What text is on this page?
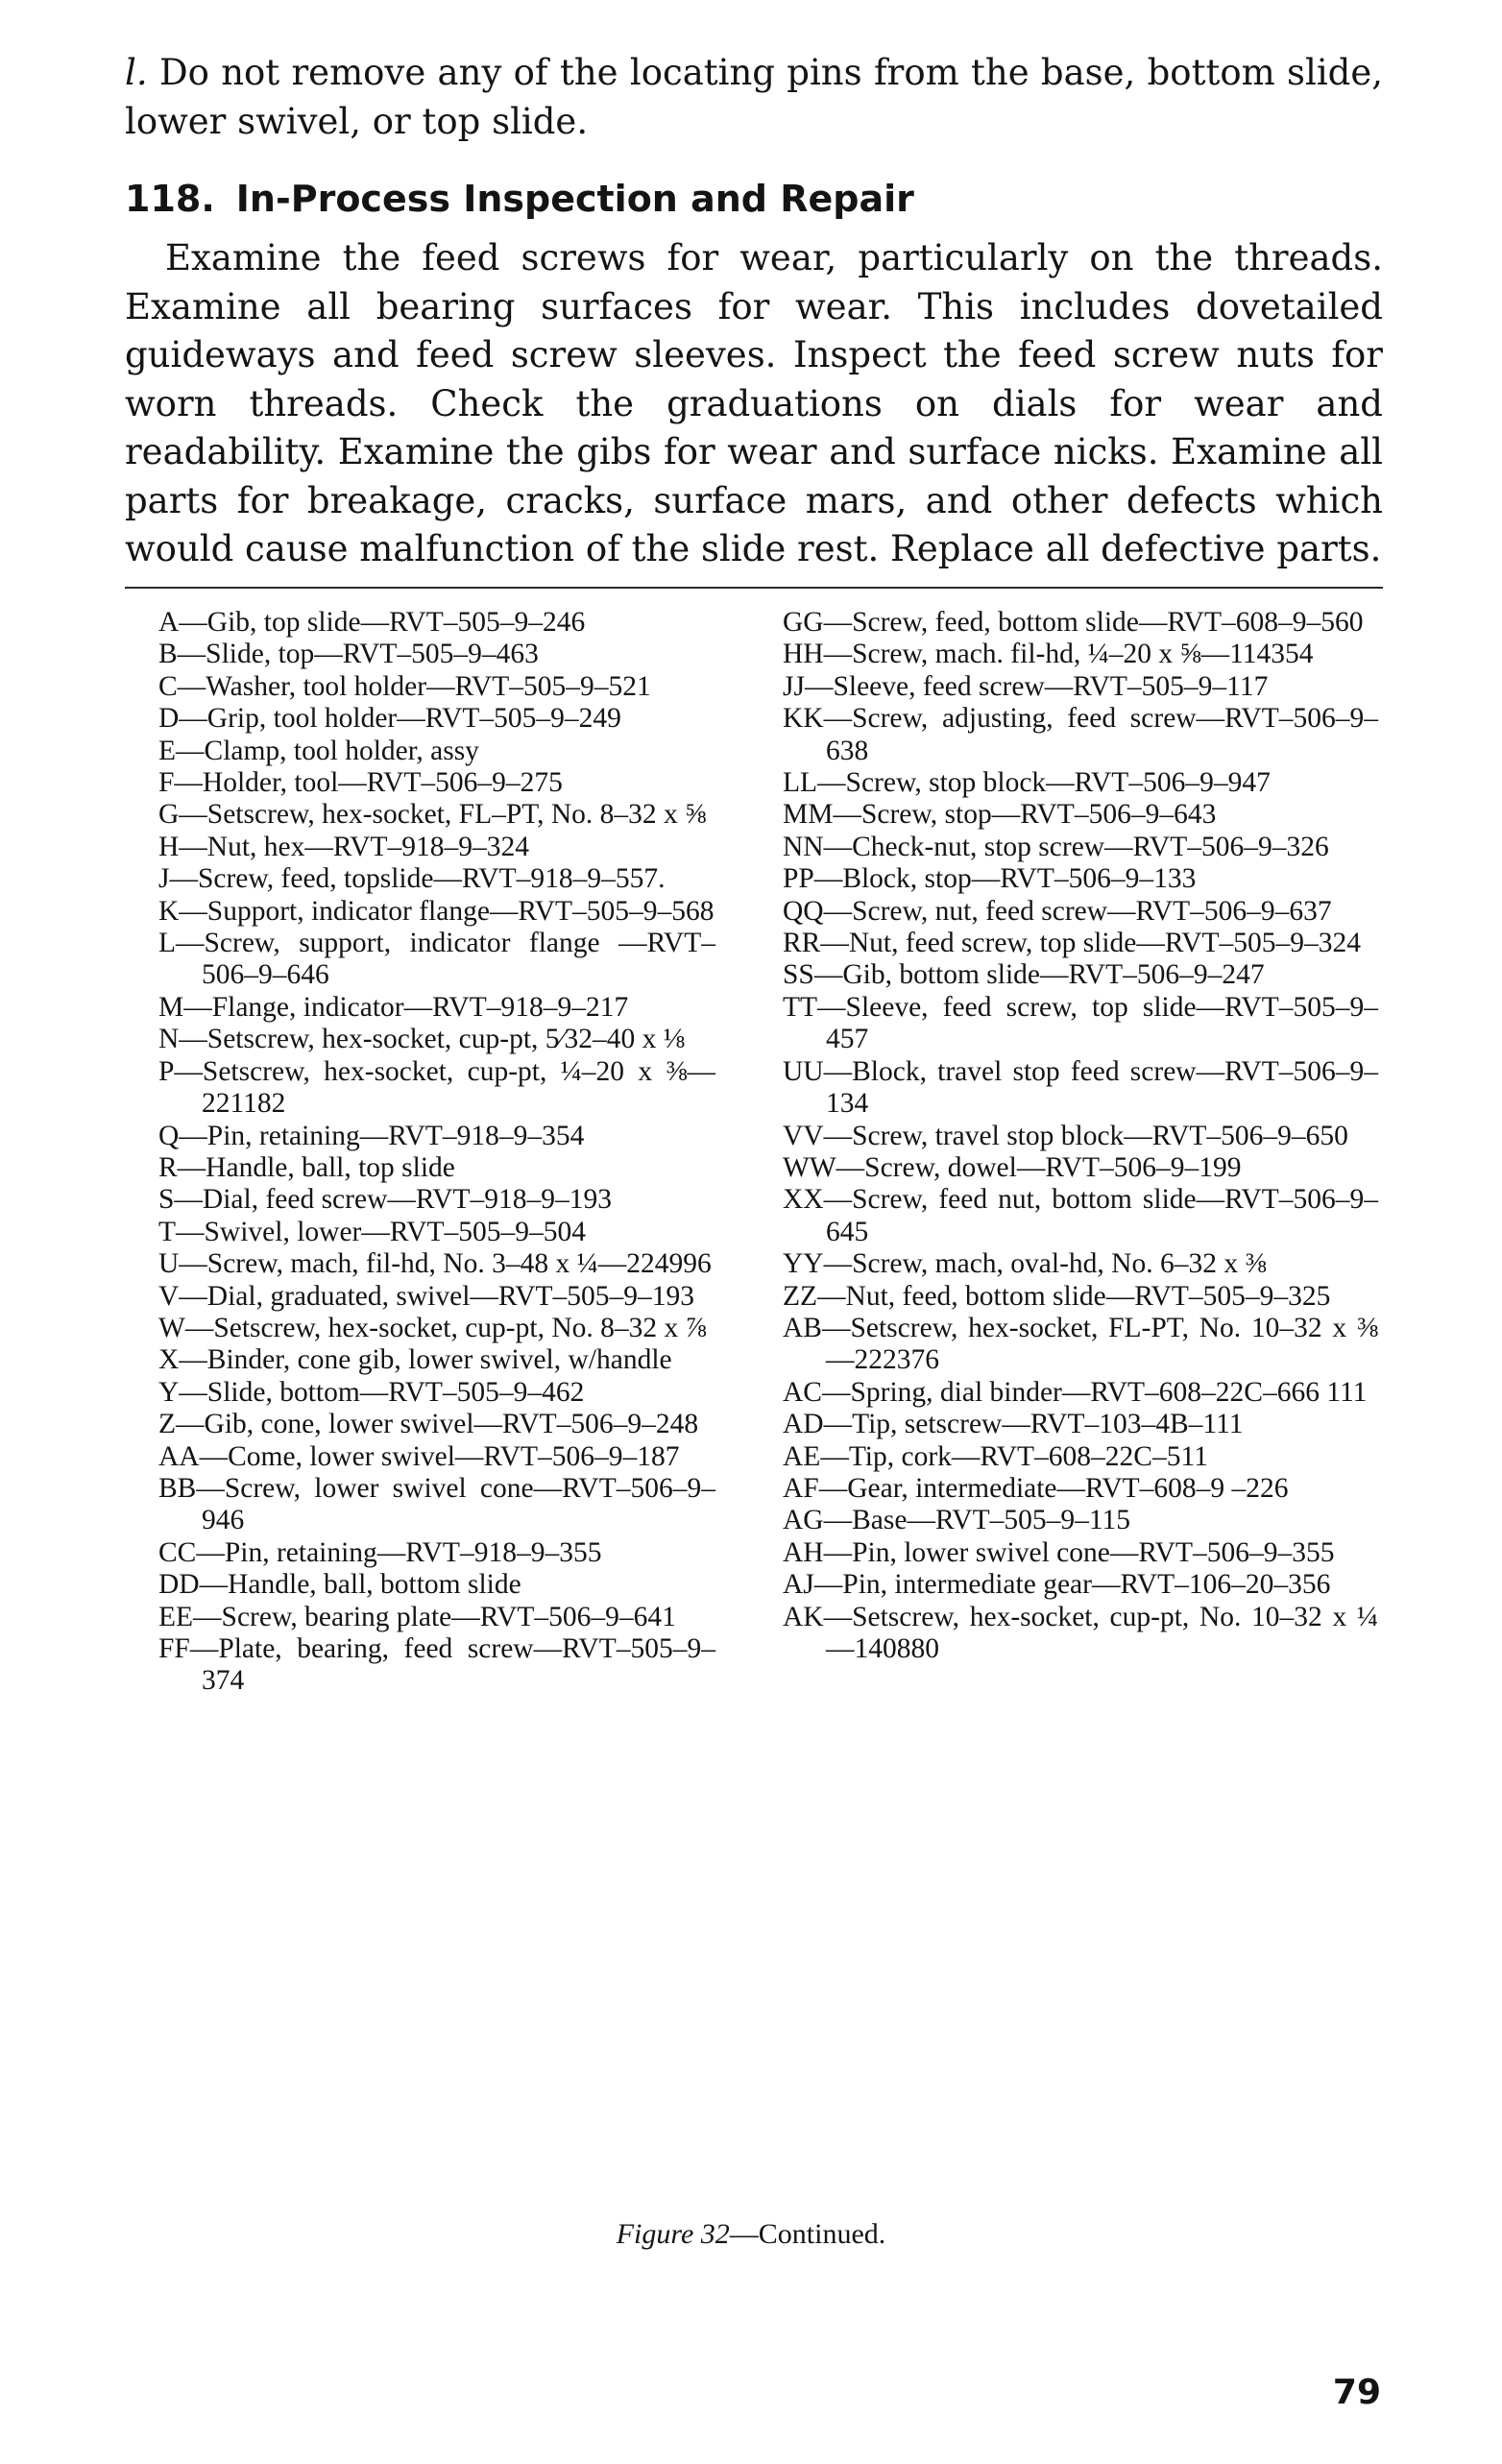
l. Do not remove any of the locating pins from the base, bottom slide, lower swivel, or top slide.

118. In-Process Inspection and Repair

Examine the feed screws for wear, particularly on the threads. Examine all bearing surfaces for wear. This includes dovetailed guideways and feed screw sleeves. Inspect the feed screw nuts for worn threads. Check the graduations on dials for wear and readability. Examine the gibs for wear and surface nicks. Examine all parts for breakage, cracks, surface mars, and other defects which would cause malfunction of the slide rest. Replace all defective parts.

A—Gib, top slide—RVT–505–9–246
B—Slide, top—RVT–505–9–463
C—Washer, tool holder—RVT–505–9–521
D—Grip, tool holder—RVT–505–9–249
E—Clamp, tool holder, assy
F—Holder, tool—RVT–506–9–275
G—Setscrew, hex-socket, FL–PT, No. 8–32 x ⅝
H—Nut, hex—RVT–918–9–324
J—Screw, feed, topslide—RVT–918–9–557.
K—Support, indicator flange—RVT–505–9–568
L—Screw, support, indicator flange —RVT–506–9–646
M—Flange, indicator—RVT–918–9–217
N—Setscrew, hex-socket, cup-pt, 5⁄32–40 x ⅛
P—Setscrew, hex-socket, cup-pt, ¼–20 x ⅜—221182
Q—Pin, retaining—RVT–918–9–354
R—Handle, ball, top slide
S—Dial, feed screw—RVT–918–9–193
T—Swivel, lower—RVT–505–9–504
U—Screw, mach, fil-hd, No. 3–48 x ¼—224996
V—Dial, graduated, swivel—RVT–505–9–193
W—Setscrew, hex-socket, cup-pt, No. 8–32 x ⅞
X—Binder, cone gib, lower swivel, w/handle
Y—Slide, bottom—RVT–505–9–462
Z—Gib, cone, lower swivel—RVT–506–9–248
AA—Come, lower swivel—RVT–506–9–187
BB—Screw, lower swivel cone—RVT–506–9–946
CC—Pin, retaining—RVT–918–9–355
DD—Handle, ball, bottom slide
EE—Screw, bearing plate—RVT–506–9–641
FF—Plate, bearing, feed screw—RVT–505–9–374
GG—Screw, feed, bottom slide—RVT–608–9–560
HH—Screw, mach. fil-hd, ¼–20 x ⅝—114354
JJ—Sleeve, feed screw—RVT–505–9–117
KK—Screw, adjusting, feed screw—RVT–506–9–638
LL—Screw, stop block—RVT–506–9–947
MM—Screw, stop—RVT–506–9–643
NN—Check-nut, stop screw—RVT–506–9–326
PP—Block, stop—RVT–506–9–133
QQ—Screw, nut, feed screw—RVT–506–9–637
RR—Nut, feed screw, top slide—RVT–505–9–324
SS—Gib, bottom slide—RVT–506–9–247
TT—Sleeve, feed screw, top slide—RVT–505–9–457
UU—Block, travel stop feed screw—RVT–506–9–134
VV—Screw, travel stop block—RVT–506–9–650
WW—Screw, dowel—RVT–506–9–199
XX—Screw, feed nut, bottom slide—RVT–506–9–645
YY—Screw, mach, oval-hd, No. 6–32 x ⅜
ZZ—Nut, feed, bottom slide—RVT–505–9–325
AB—Setscrew, hex-socket, FL-PT, No. 10–32 x ⅜—222376
AC—Spring, dial binder—RVT–608–22C–666 111
AD—Tip, setscrew—RVT–103–4B–111
AE—Tip, cork—RVT–608–22C–511
AF—Gear, intermediate—RVT–608–9 –226
AG—Base—RVT–505–9–115
AH—Pin, lower swivel cone—RVT–506–9–355
AJ—Pin, intermediate gear—RVT–106–20–356
AK—Setscrew, hex-socket, cup-pt, No. 10–32 x ¼—140880
Figure 32—Continued.
79
